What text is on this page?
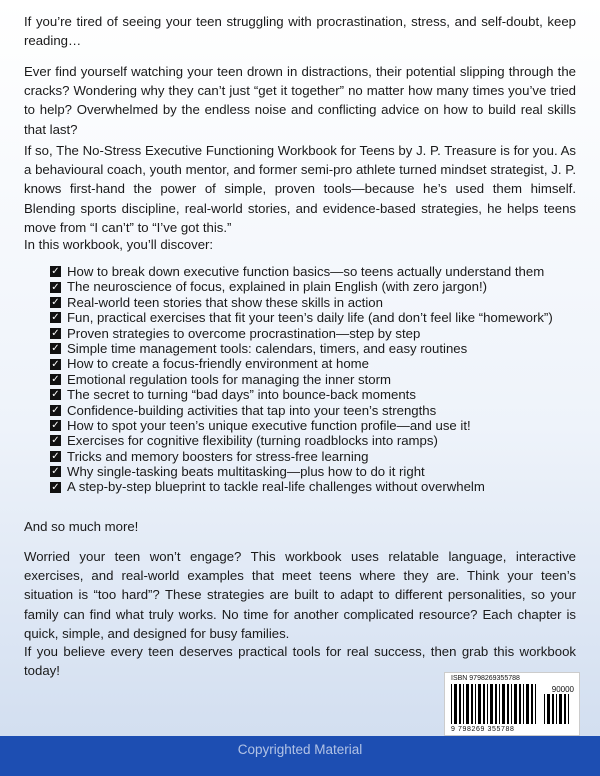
If you’re tired of seeing your teen struggling with procrastination, stress, and self-doubt, keep reading…

Ever find yourself watching your teen drown in distractions, their potential slipping through the cracks? Wondering why they can’t just “get it together” no matter how many times you’ve tried to help? Overwhelmed by the endless noise and conflicting advice on how to build real skills that last?

If so, The No-Stress Executive Functioning Workbook for Teens by J. P. Treasure is for you. As a behavioural coach, youth mentor, and former semi-pro athlete turned mindset strategist, J. P. knows first-hand the power of simple, proven tools—because he’s used them himself. Blending sports discipline, real-world stories, and evidence-based strategies, he helps teens move from “I can’t” to “I’ve got this.”

In this workbook, you’ll discover:

✓ How to break down executive function basics—so teens actually understand them
✓ The neuroscience of focus, explained in plain English (with zero jargon!)
✓ Real-world teen stories that show these skills in action
✓ Fun, practical exercises that fit your teen’s daily life (and don’t feel like “homework”)
✓ Proven strategies to overcome procrastination—step by step
✓ Simple time management tools: calendars, timers, and easy routines
✓ How to create a focus-friendly environment at home
✓ Emotional regulation tools for managing the inner storm
✓ The secret to turning “bad days” into bounce-back moments
✓ Confidence-building activities that tap into your teen’s strengths
✓ How to spot your teen’s unique executive function profile—and use it!
✓ Exercises for cognitive flexibility (turning roadblocks into ramps)
✓ Tricks and memory boosters for stress-free learning
✓ Why single-tasking beats multitasking—plus how to do it right
✓ A step-by-step blueprint to tackle real-life challenges without overwhelm

And so much more!

Worried your teen won’t engage? This workbook uses relatable language, interactive exercises, and real-world examples that meet teens where they are. Think your teen’s situation is “too hard”? These strategies are built to adapt to different personalities, so your family can find what truly works. No time for another complicated resource? Each chapter is quick, simple, and designed for busy families.

If you believe every teen deserves practical tools for real success, then grab this workbook today!

ISBN 9798269355788
90000
9 798269 355788
Copyrighted Material
